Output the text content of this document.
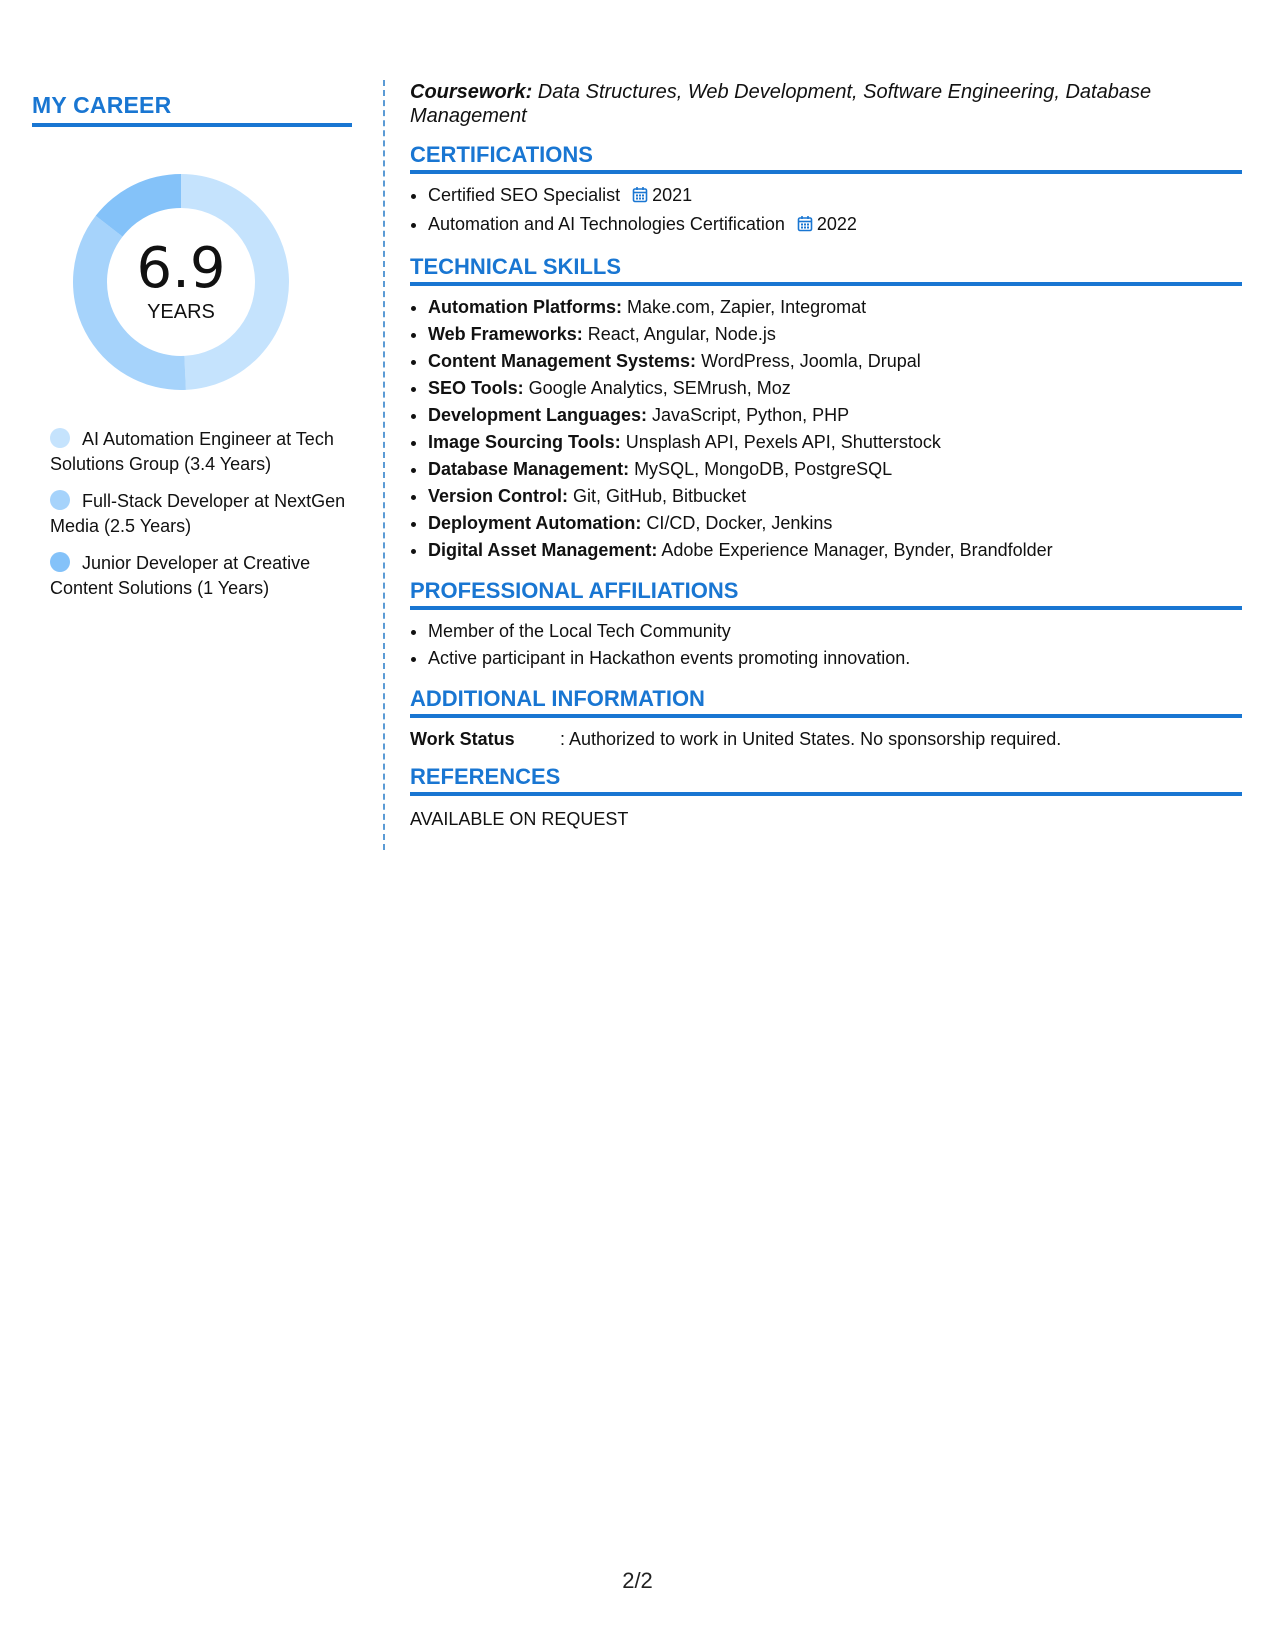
MY CAREER
6.9
YEARS
AI Automation Engineer at Tech Solutions Group (3.4 Years)
Full-Stack Developer at NextGen Media (2.5 Years)
Junior Developer at Creative Content Solutions (1 Years)

Coursework: Data Structures, Web Development, Software Engineering, Database Management

CERTIFICATIONS
• Certified SEO Specialist 2021
• Automation and AI Technologies Certification 2022
TECHNICAL SKILLS
• Automation Platforms: Make.com, Zapier, Integromat
• Web Frameworks: React, Angular, Node.js
• Content Management Systems: WordPress, Joomla, Drupal
• SEO Tools: Google Analytics, SEMrush, Moz
• Development Languages: JavaScript, Python, PHP
• Image Sourcing Tools: Unsplash API, Pexels API, Shutterstock
• Database Management: MySQL, MongoDB, PostgreSQL
• Version Control: Git, GitHub, Bitbucket
• Deployment Automation: CI/CD, Docker, Jenkins
• Digital Asset Management: Adobe Experience Manager, Bynder, Brandfolder
PROFESSIONAL AFFILIATIONS
• Member of the Local Tech Community
• Active participant in Hackathon events promoting innovation.
ADDITIONAL INFORMATION
Work Status	: Authorized to work in United States. No sponsorship required.
REFERENCES

AVAILABLE ON REQUEST

2/2
